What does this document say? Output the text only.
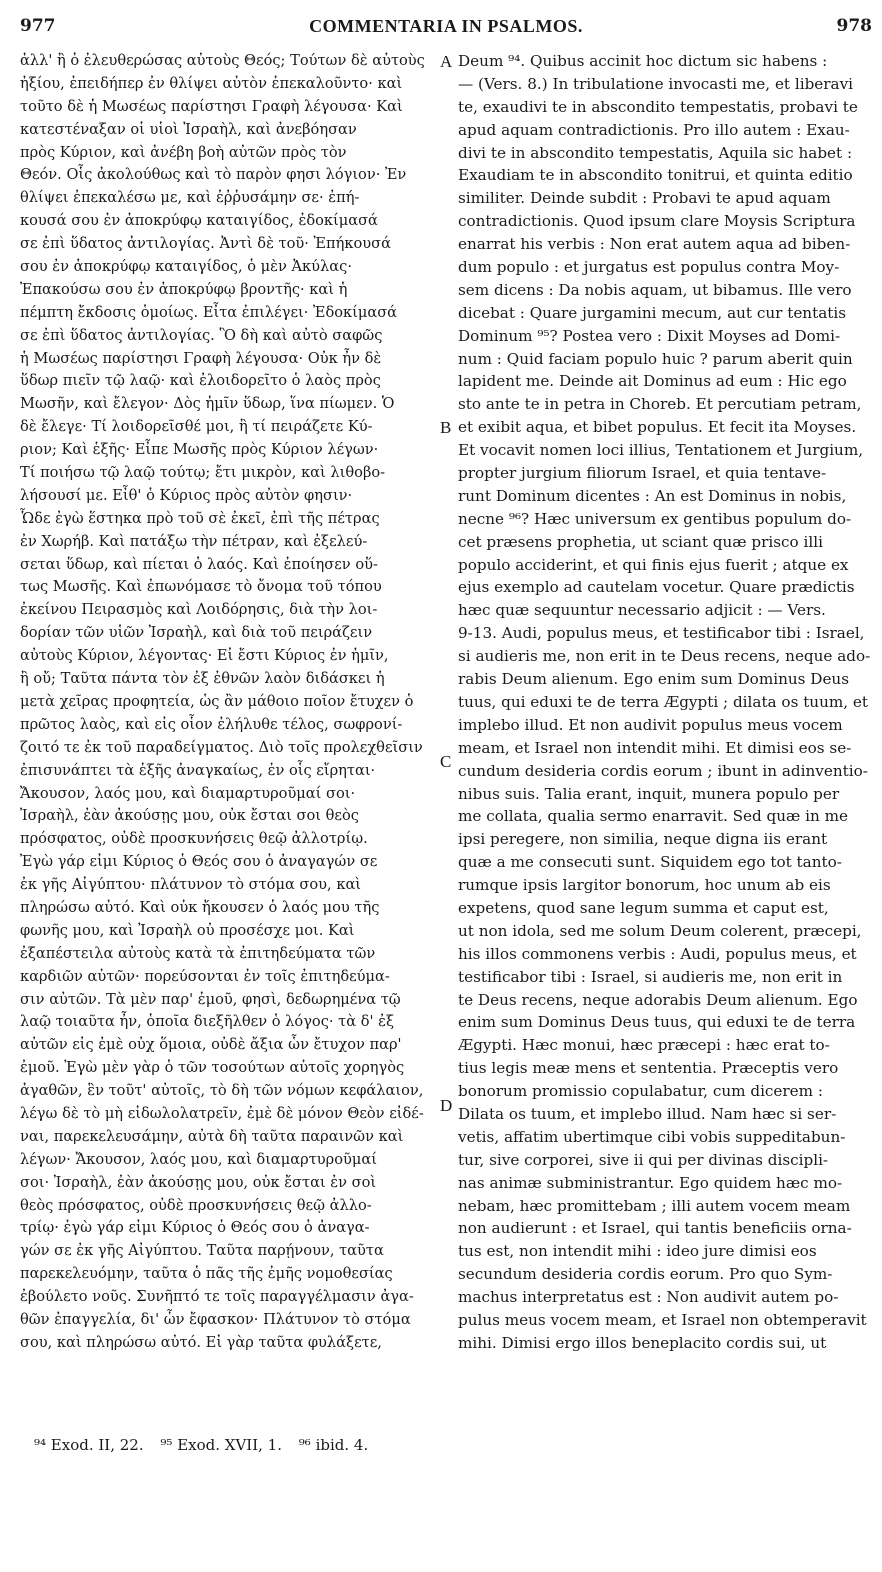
977	COMMENTARIA IN PSALMOS.	978
ἀλλ' ἢ ὁ ἐλευθερώσας αὐτοὺς Θεός; Τούτων δὲ αὐτοὺς
ἠξίου, ἐπειδήπερ ἐν θλίψει αὐτὸν ἐπεκαλοῦντο· καὶ
τοῦτο δὲ ἡ Μωσέως παρίστησι Γραφὴ λέγουσα· Καὶ
κατεστέναξαν οἱ υἱοὶ Ἰσραὴλ, καὶ ἀνεβόησαν
πρὸς Κύριον, καὶ ἀνέβη βοὴ αὐτῶν πρὸς τὸν
Θεόν. Οἷς ἀκολούθως καὶ τὸ παρὸν φησι λόγιον· Ἐν
θλίψει ἐπεκαλέσω με, καὶ ἐῤῥυσάμην σε· ἐπή-
κουσά σου ἐν ἀποκρύφῳ καταιγίδος, ἐδοκίμασά
σε ἐπὶ ὕδατος ἀντιλογίας. Ἀντὶ δὲ τοῦ· Ἐπήκουσά
σου ἐν ἀποκρύφῳ καταιγίδος, ὁ μὲν Ἀκύλας·
Ἐπακούσω σου ἐν ἀποκρύφῳ βροντῆς· καὶ ἡ
πέμπτη ἔκδοσις ὁμοίως. Εἶτα ἐπιλέγει· Ἐδοκίμασά
σε ἐπὶ ὕδατος ἀντιλογίας. Ὃ δὴ καὶ αὐτὸ σαφῶς
ἡ Μωσέως παρίστησι Γραφὴ λέγουσα· Οὐκ ἦν δὲ
ὕδωρ πιεῖν τῷ λαῷ· καὶ ἐλοιδορεῖτο ὁ λαὸς πρὸς
Μωσῆν, καὶ ἔλεγον· Δὸς ἡμῖν ὕδωρ, ἵνα πίωμεν. Ὁ
δὲ ἔλεγε· Τί λοιδορεῖσθέ μοι, ἢ τί πειράζετε Κύ-
ριον; Καὶ ἑξῆς· Εἶπε Μωσῆς πρὸς Κύριον λέγων·
Τί ποιήσω τῷ λαῷ τούτῳ; ἔτι μικρὸν, καὶ λιθοβο-
λήσουσί με. Εἶθ' ὁ Κύριος πρὸς αὐτὸν φησιν·
Ὧδε ἐγὼ ἕστηκα πρὸ τοῦ σὲ ἐκεῖ, ἐπὶ τῆς πέτρας
ἐν Χωρήβ. Καὶ πατάξω τὴν πέτραν, καὶ ἐξελεύ-
σεται ὕδωρ, καὶ πίεται ὁ λαός. Καὶ ἐποίησεν οὕ-
τως Μωσῆς. Καὶ ἐπωνόμασε τὸ ὄνομα τοῦ τόπου
ἐκείνου Πειρασμὸς καὶ Λοιδόρησις, διὰ τὴν λοι-
δορίαν τῶν υἱῶν Ἰσραὴλ, καὶ διὰ τοῦ πειράζειν
αὐτοὺς Κύριον, λέγοντας· Εἰ ἔστι Κύριος ἐν ἡμῖν,
ἢ οὔ; Ταῦτα πάντα τὸν ἐξ ἐθνῶν λαὸν διδάσκει ἡ
μετὰ χεῖρας προφητεία, ὡς ἂν μάθοιο ποῖον ἔτυχεν ὁ
πρῶτος λαὸς, καὶ εἰς οἷον ἐλήλυθε τέλος, σωφρονί-
ζοιτό τε ἐκ τοῦ παραδείγματος. Διὸ τοῖς προλεχθεῖσιν
ἐπισυνάπτει τὰ ἑξῆς ἀναγκαίως, ἐν οἷς εἴρηται·
Ἄκουσον, λαός μου, καὶ διαμαρτυροῦμαί σοι·
Ἰσραὴλ, ἐὰν ἀκούσῃς μου, οὐκ ἔσται σοι θεὸς
πρόσφατος, οὐδὲ προσκυνήσεις θεῷ ἀλλοτρίῳ.
Ἐγὼ γάρ εἰμι Κύριος ὁ Θεός σου ὁ ἀναγαγών σε
ἐκ γῆς Αἰγύπτου· πλάτυνον τὸ στόμα σου, καὶ
πληρώσω αὐτό. Καὶ οὐκ ἤκουσεν ὁ λαός μου τῆς
φωνῆς μου, καὶ Ἰσραὴλ οὐ προσέσχε μοι. Καὶ
ἐξαπέστειλα αὐτοὺς κατὰ τὰ ἐπιτηδεύματα τῶν
καρδιῶν αὐτῶν· πορεύσονται ἐν τοῖς ἐπιτηδεύμα-
σιν αὐτῶν. Τὰ μὲν παρ' ἐμοῦ, φησὶ, δεδωρημένα τῷ
λαῷ τοιαῦτα ἦν, ὁποῖα διεξῆλθεν ὁ λόγος· τὰ δ' ἐξ
αὐτῶν εἰς ἐμὲ οὐχ ὅμοια, οὐδὲ ἄξια ὧν ἔτυχον παρ'
ἐμοῦ. Ἐγὼ μὲν γὰρ ὁ τῶν τοσούτων αὐτοῖς χορηγὸς
ἀγαθῶν, ἓν τοῦτ' αὐτοῖς, τὸ δὴ τῶν νόμων κεφάλαιον,
λέγω δὲ τὸ μὴ εἰδωλολατρεῖν, ἐμὲ δὲ μόνον Θεὸν εἰδέ-
ναι, παρεκελευσάμην, αὐτὰ δὴ ταῦτα παραινῶν καὶ
λέγων· Ἄκουσον, λαός μου, καὶ διαμαρτυροῦμαί
σοι· Ἰσραὴλ, ἐὰν ἀκούσῃς μου, οὐκ ἔσται ἐν σοὶ
θεὸς πρόσφατος, οὐδὲ προσκυνήσεις θεῷ ἀλλο-
τρίῳ· ἐγὼ γάρ εἰμι Κύριος ὁ Θεός σου ὁ ἀναγα-
γών σε ἐκ γῆς Αἰγύπτου. Ταῦτα παρῄνουν, ταῦτα
παρεκελευόμην, ταῦτα ὁ πᾶς τῆς ἐμῆς νομοθεσίας
ἐβούλετο νοῦς. Συνῆπτό τε τοῖς παραγγέλμασιν ἀγα-
θῶν ἐπαγγελία, δι' ὧν ἔφασκον· Πλάτυνον τὸ στόμα
σου, καὶ πληρώσω αὐτό. Εἰ γὰρ ταῦτα φυλάξετε,
Deum ⁹⁴. Quibus accinit hoc dictum sic habens :
— (Vers. 8.) In tribulatione invocasti me, et liberavi
te, exaudivi te in abscondito tempestatis, probavi te
apud aquam contradictionis. Pro illo autem : Exau-
divi te in abscondito tempestatis, Aquila sic habet :
Exaudiam te in abscondito tonitrui, et quinta editio
similiter. Deinde subdit : Probavi te apud aquam
contradictionis. Quod ipsum clare Moysis Scriptura
enarrat his verbis : Non erat autem aqua ad biben-
dum populo : et jurgatus est populus contra Moy-
sem dicens : Da nobis aquam, ut bibamus. Ille vero
dicebat : Quare jurgamini mecum, aut cur tentatis
Dominum ⁹⁵? Postea vero : Dixit Moyses ad Domi-
num : Quid faciam populo huic ? parum aberit quin
lapident me. Deinde ait Dominus ad eum : Hic ego
sto ante te in petra in Choreb. Et percutiam petram,
et exibit aqua, et bibet populus. Et fecit ita Moyses.
Et vocavit nomen loci illius, Tentationem et Jurgium,
propter jurgium filiorum Israel, et quia tentave-
runt Dominum dicentes : An est Dominus in nobis,
necne ⁹⁶? Hæc universum ex gentibus populum do-
cet præsens prophetia, ut sciant quæ prisco illi
populo acciderint, et qui finis ejus fuerit ; atque ex
ejus exemplo ad cautelam vocetur. Quare prædictis
hæc quæ sequuntur necessario adjicit : — Vers.
9-13. Audi, populus meus, et testificabor tibi : Israel,
si audieris me, non erit in te Deus recens, neque ado-
rabis Deum alienum. Ego enim sum Dominus Deus
tuus, qui eduxi te de terra Ægypti ; dilata os tuum, et
implebo illud. Et non audivit populus meus vocem
meam, et Israel non intendit mihi. Et dimisi eos se-
cundum desideria cordis eorum ; ibunt in adinventio-
nibus suis. Talia erant, inquit, munera populo per
me collata, qualia sermo enarravit. Sed quæ in me
ipsi peregere, non similia, neque digna iis erant
quæ a me consecuti sunt. Siquidem ego tot tanto-
rumque ipsis largitor bonorum, hoc unum ab eis
expetens, quod sane legum summa et caput est,
ut non idola, sed me solum Deum colerent, præcepi,
his illos commonens verbis : Audi, populus meus, et
testificabor tibi : Israel, si audieris me, non erit in
te Deus recens, neque adorabis Deum alienum. Ego
enim sum Dominus Deus tuus, qui eduxi te de terra
Ægypti. Hæc monui, hæc præcepi : hæc erat to-
tius legis meæ mens et sententia. Præceptis vero
bonorum promissio copulabatur, cum dicerem :
Dilata os tuum, et implebo illud. Nam hæc si ser-
vetis, affatim ubertimque cibi vobis suppeditabun-
tur, sive corporei, sive ii qui per divinas discipli-
nas animæ subministrantur. Ego quidem hæc mo-
nebam, hæc promittebam ; illi autem vocem meam
non audierunt : et Israel, qui tantis beneficiis orna-
tus est, non intendit mihi : ideo jure dimisi eos
secundum desideria cordis eorum. Pro quo Sym-
machus interpretatus est : Non audivit autem po-
pulus meus vocem meam, et Israel non obtemperavit
mihi. Dimisi ergo illos beneplacito cordis sui, ut
A
B
C
D
⁹⁴ Exod. II, 22. ⁹⁵ Exod. XVII, 1. ⁹⁶ ibid. 4.
